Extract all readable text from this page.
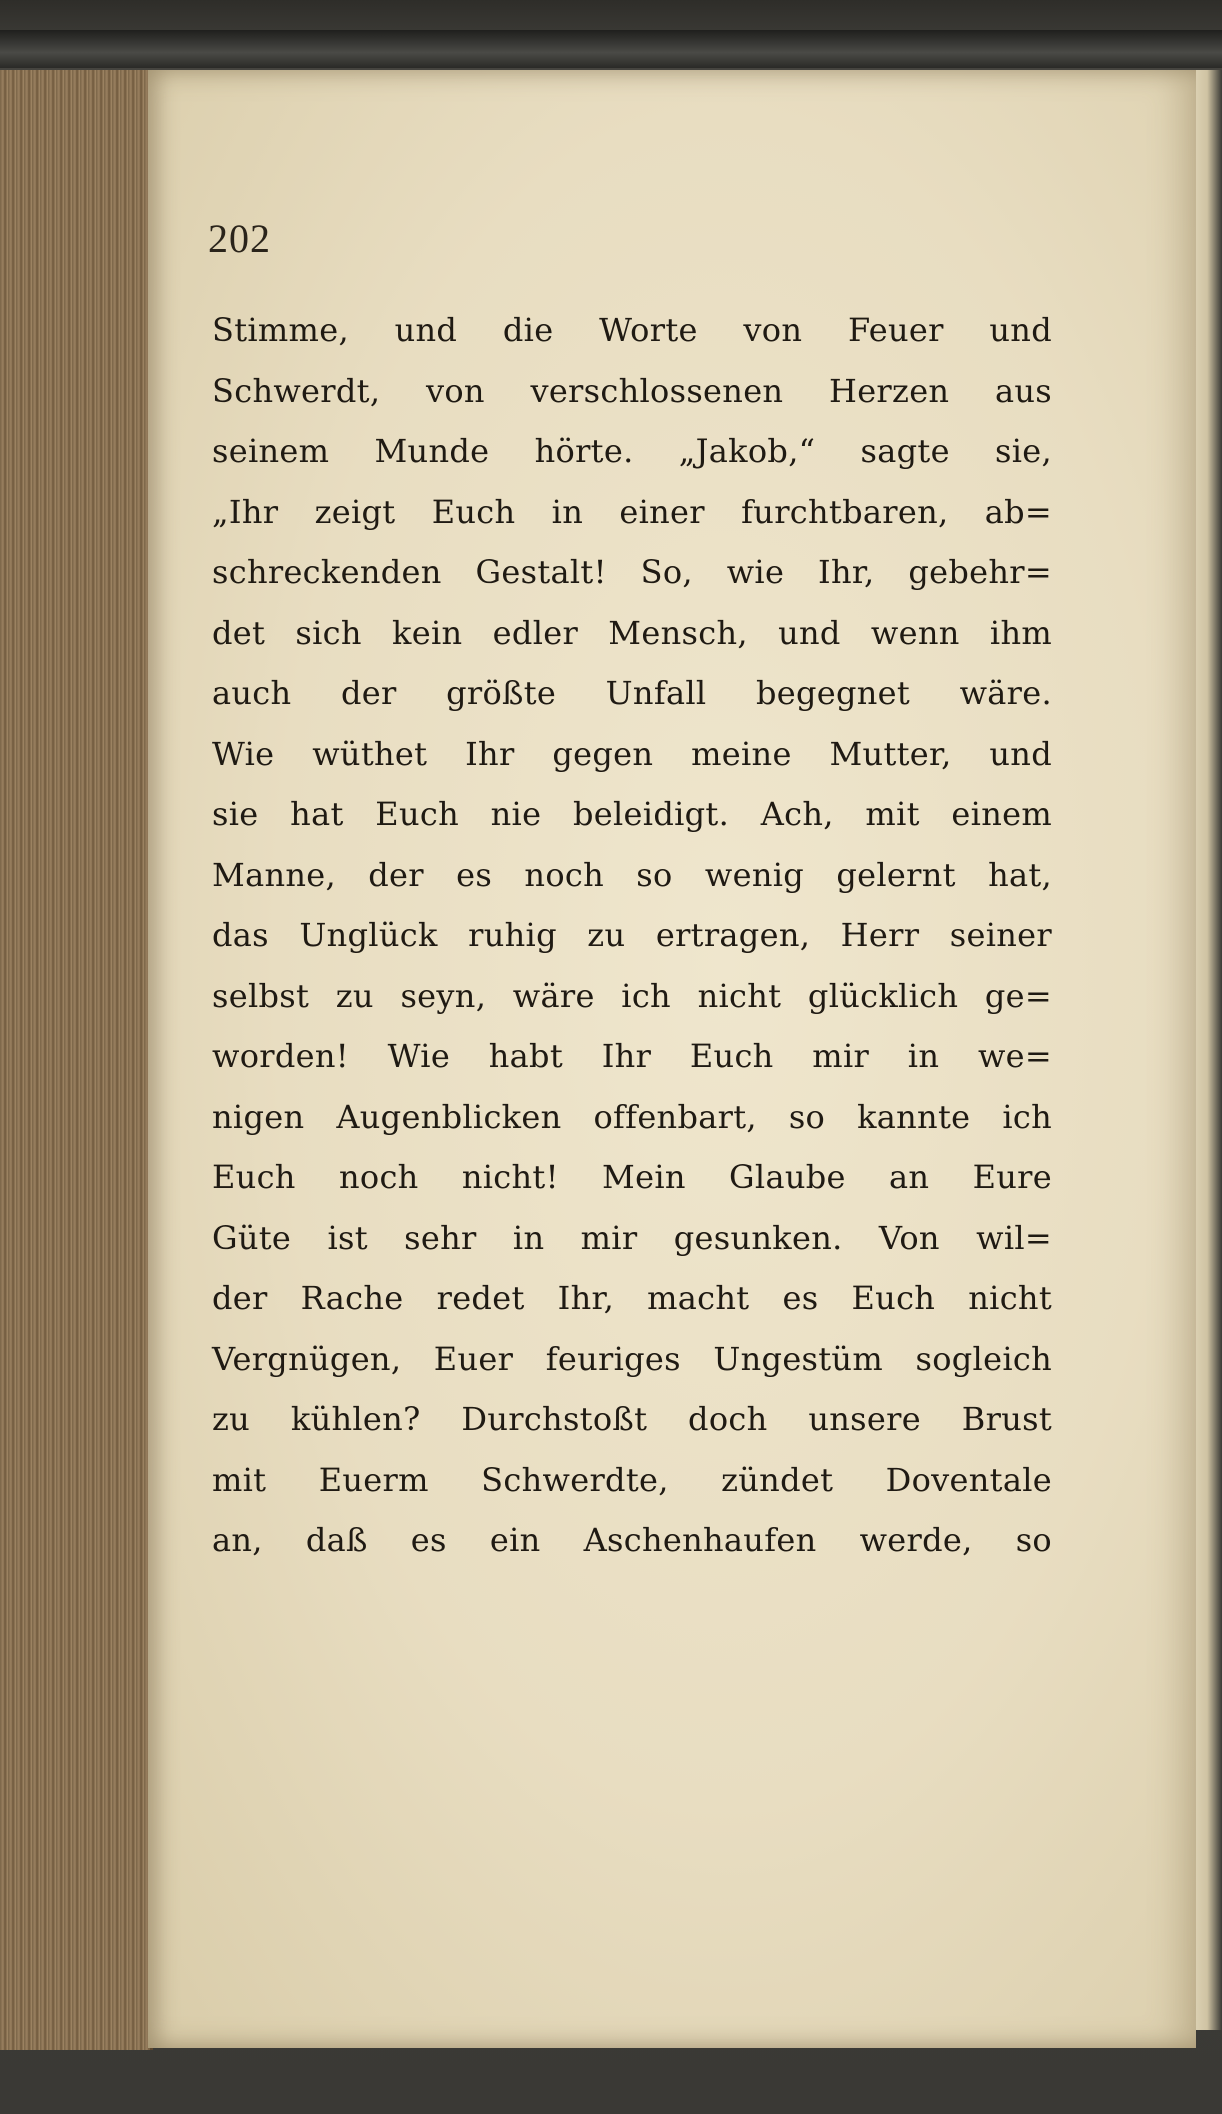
202
Stimme, und die Worte von Feuer und
Schwerdt, von verschlossenen Herzen aus
seinem Munde hörte. „Jakob,“ sagte sie,
„Ihr zeigt Euch in einer furchtbaren, ab=
schreckenden Gestalt! So, wie Ihr, gebehr=
det sich kein edler Mensch, und wenn ihm
auch der größte Unfall begegnet wäre.
Wie wüthet Ihr gegen meine Mutter, und
sie hat Euch nie beleidigt. Ach, mit einem
Manne, der es noch so wenig gelernt hat,
das Unglück ruhig zu ertragen, Herr seiner
selbst zu seyn, wäre ich nicht glücklich ge=
worden! Wie habt Ihr Euch mir in we=
nigen Augenblicken offenbart, so kannte ich
Euch noch nicht! Mein Glaube an Eure
Güte ist sehr in mir gesunken. Von wil=
der Rache redet Ihr, macht es Euch nicht
Vergnügen, Euer feuriges Ungestüm sogleich
zu kühlen? Durchstoßt doch unsere Brust
mit Euerm Schwerdte, zündet Doventale
an, daß es ein Aschenhaufen werde, so
